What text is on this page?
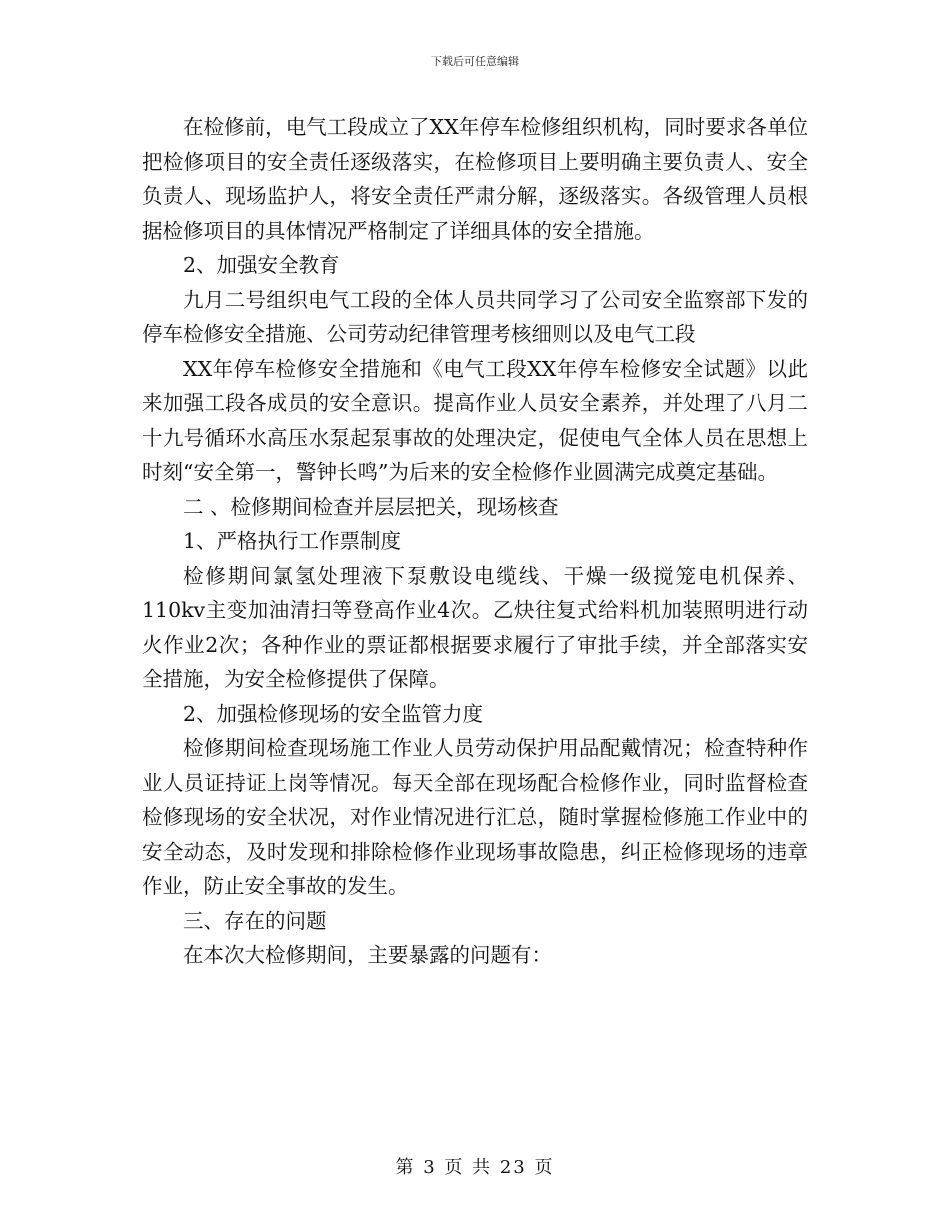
下载后可任意编辑

在检修前，电气工段成立了XX年停车检修组织机构，同时要求各单位把检修项目的安全责任逐级落实，在检修项目上要明确主要负责人、安全负责人、现场监护人，将安全责任严肃分解，逐级落实。各级管理人员根据检修项目的具体情况严格制定了详细具体的安全措施。

2、加强安全教育

九月二号组织电气工段的全体人员共同学习了公司安全监察部下发的停车检修安全措施、公司劳动纪律管理考核细则以及电气工段

XX年停车检修安全措施和《电气工段XX年停车检修安全试题》以此来加强工段各成员的安全意识。提高作业人员安全素养，并处理了八月二十九号循环水高压水泵起泵事故的处理决定，促使电气全体人员在思想上时刻“安全第一，警钟长鸣”为后来的安全检修作业圆满完成奠定基础。

二 、检修期间检查并层层把关，现场核查

1、严格执行工作票制度

检修期间氯氢处理液下泵敷设电缆线、干燥一级搅笼电机保养、110kv主变加油清扫等登高作业4次。乙炔往复式给料机加装照明进行动火作业2次；各种作业的票证都根据要求履行了审批手续，并全部落实安全措施，为安全检修提供了保障。

2、加强检修现场的安全监管力度

检修期间检查现场施工作业人员劳动保护用品配戴情况；检查特种作业人员证持证上岗等情况。每天全部在现场配合检修作业，同时监督检查检修现场的安全状况，对作业情况进行汇总，随时掌握检修施工作业中的安全动态，及时发现和排除检修作业现场事故隐患，纠正检修现场的违章作业，防止安全事故的发生。

三、存在的问题

在本次大检修期间，主要暴露的问题有：

第 3 页 共 23 页
